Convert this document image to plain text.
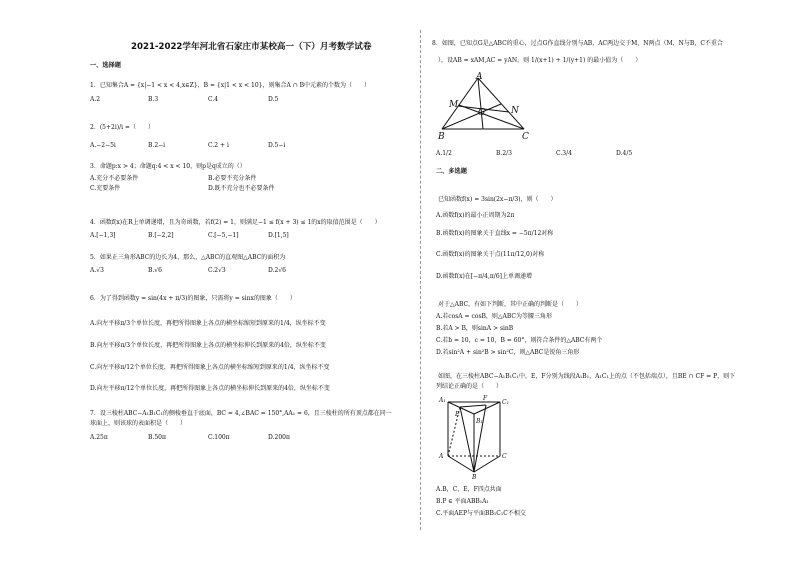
2021-2022学年河北省石家庄市某校高一（下）月考数学试卷
一、选择题
1．已知集合A = {x|−1 < x < 4,x∈Z}，B = {x|1 < x < 10}，则集合A ∩ B中元素的个数为（　　）
A.2	B.3	C.4	D.5
2．(5+2i)/i =（　　）
A.−2−5i	B.2−i	C.2 + i	D.5−i
3．命题p:x > 4；命题q:4 < x < 10，则p是q成立的（）
A.充分不必要条件	B.必要不充分条件
C.充要条件	D.既不充分也不必要条件
4．函数f(x)在R上单调递增，且为奇函数，若f(2) = 1，则满足−1 ≤ f(x + 3) ≤ 1的x的取值范围是（　　）
A.[−1,3]	B.[−2,2]	C.[−5,−1]	D.[1,5]
5．如果正三角形ABC的边长为4，那么，△ABC的直观图△ABC的面积为
A.√3	B.√6	C.2√3	D.2√6
6．为了得到函数y = sin(4x + π/3)的图象，只需将y = sinx的图象（　　）
A.向左平移π/3个单位长度，再把所得图象上各点的横坐标缩短到原来的1/4，纵坐标不变
B.向左平移π/3个单位长度，再把所得图象上各点的横坐标伸长到原来的4倍，纵坐标不变
C.向左平移π/12个单位长度，再把所得图象上各点的横坐标缩短到原来的1/4，纵坐标不变
D.向左平移π/12个单位长度，再把所得图象上各点的横坐标伸长到原来的4倍，纵坐标不变
7．设三棱柱ABC−A₁B₁C₁的侧棱垂直于底面，BC = 4,∠BAC = 150°,AA₁ = 6，且三棱柱的所有顶点都在同一
球面上，则该球的表面积是（　　）
A.25π	B.50π	C.100π	D.200π
8．如图，已知点G是△ABC的重心，过点G作直线分别与AB，AC两边交于M，N两点（M，N与B，C不重合
），设AB = xAM,AC = yAN，则 1/(x+1) + 1/(y+1) 的最小值为（　　）
A
M
G	N
B	C
A.1/2	B.2/3	C.3/4	D.4/5
二、多选题
已知函数f(x) = 3sin(2x−π/3)，则（　　）
A.函数f(x)的最小正周期为2π
B.函数f(x)的图象关于直线x = −5π/12对称
C.函数f(x)的图象关于点(11π/12,0)对称
D.函数f(x)在[−π/4,π/6]上单调递增
对于△ABC，有如下判断，其中正确的判断是（　　）
A.若cosA = cosB，则△ABC为等腰三角形
B.若A > B，则sinA > sinB
C.若b = 10，c = 10，B = 60°，则符合条件的△ABC有两个
D.若sin²A + sin²B > sin²C，则△ABC是锐角三角形
如图，在三棱柱ABC−A₁B₁C₁中，E，F分别为线段A₁B₁，A₁C₁上的点（不包括端点），且BE ∩ CF = P，则下
列结论正确的是（　　）
A₁	F
C₁
E
B₁
A	C
B
A.B，C，E，F四点共面
B.P ∈ 平面ABB₁A₁
C.平面AEP与平面BB₁C₁C不相交
